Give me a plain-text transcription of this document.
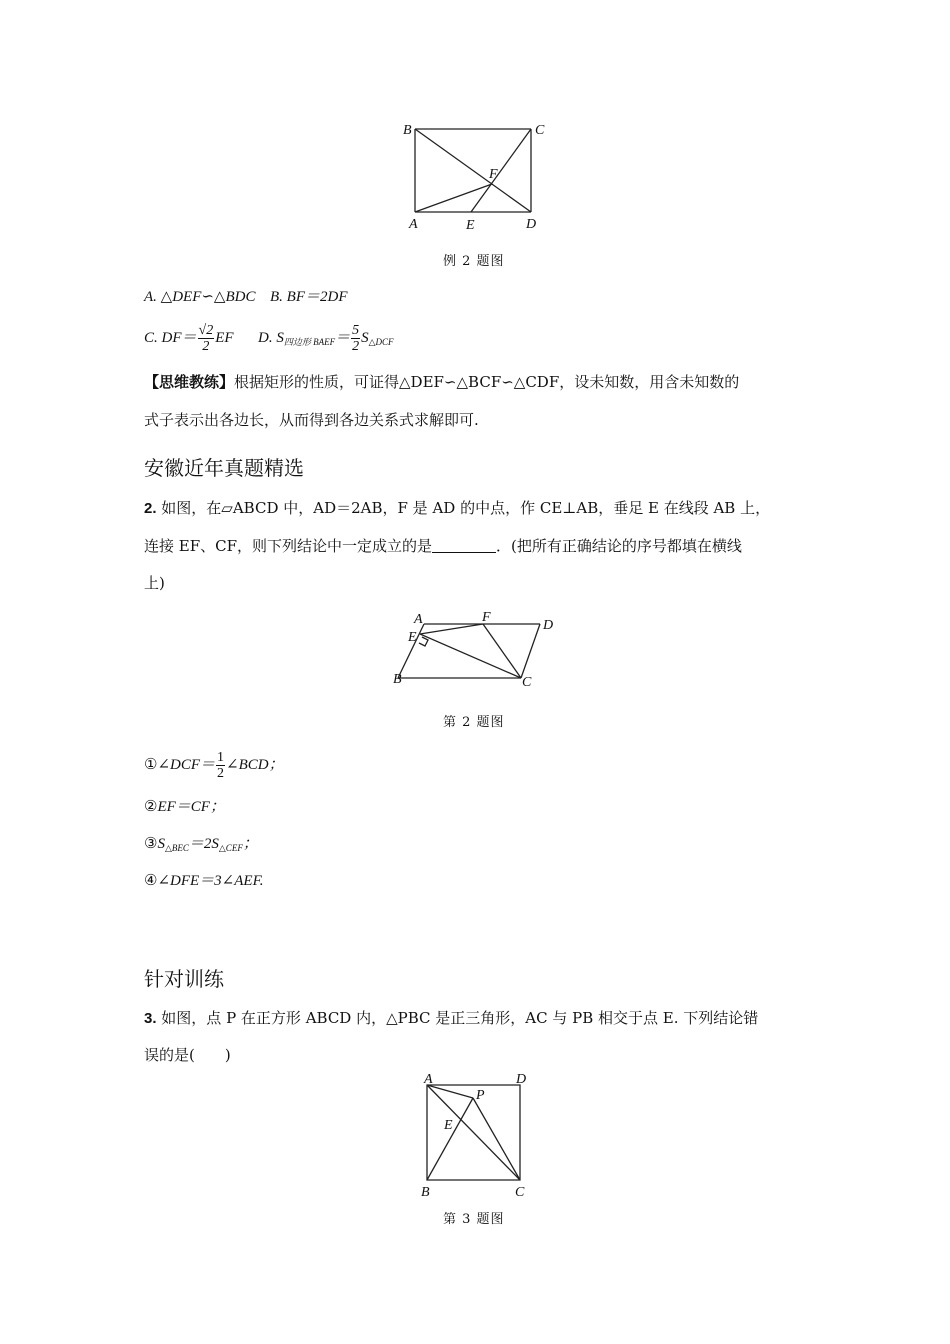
B	C
F
A	E	D
例 2 题图
A. △DEF∽△BDC B. BF＝2DF
C. $DF= \frac{√2}{2}$ EF D. $S_{四边形 BAEF}= \frac{5}{2} S_{\triangle DCF}$
【思维教练】根据矩形的性质，可证得△DEF∽△BCF∽△CDF，设未知数，用含未知数的
式子表示出各边长，从而得到各边关系式求解即可.
安徽近年真题精选
2. 如图，在▱ABCD 中，AD＝2AB，F 是 AD 的中点，作 CE⊥AB，垂足 E 在线段 AB 上，
连接 EF、CF，则下列结论中一定成立的是	．(把所有正确结论的序号都填在横线
上)
A	F
D
E
B	C
第 2 题图
①∠DCF＝ $\frac{1}{2}$ ∠BCD；
②EF＝CF；
$③S_{\triangle BEC}=2S_{\triangle CEF}$；
④∠DFE＝3∠AEF.
针对训练
3. 如图，点 P 在正方形 ABCD 内，△PBC 是正三角形，AC 与 PB 相交于点 E. 下列结论错
误的是(　　)
A	D
P
E
B	C
第 3 题图
